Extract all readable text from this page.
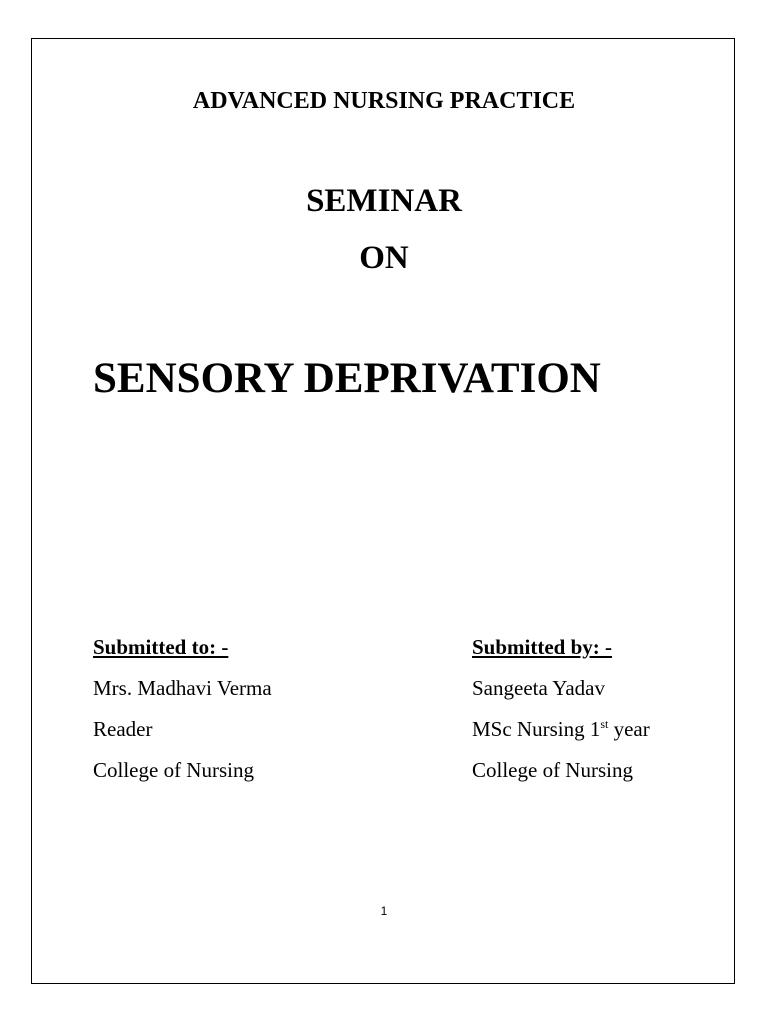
ADVANCED NURSING PRACTICE
SEMINAR
ON
SENSORY DEPRIVATION
Submitted to: -
Mrs. Madhavi Verma
Reader
College of Nursing
Submitted by: -
Sangeeta Yadav
MSc Nursing 1st year
College of Nursing
1
